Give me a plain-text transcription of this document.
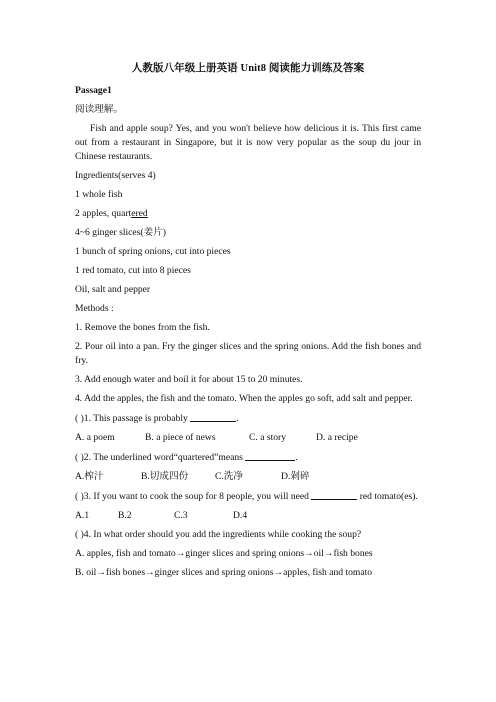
人教版八年级上册英语 Unit8 阅读能力训练及答案
Passage1
阅读理解。
Fish and apple soup? Yes, and you won't believe how delicious it is. This first came out from a restaurant in Singapore, but it is now very popular as the soup du jour in Chinese restaurants.
Ingredients(serves 4)
1 whole fish
2 apples, quartered
4~6 ginger slices(姜片)
1 bunch of spring onions, cut into pieces
1 red tomato, cut into 8 pieces
Oil, salt and pepper
Methods :
1. Remove the bones from the fish.
2. Pour oil into a pan. Fry the ginger slices and the spring onions. Add the fish bones and fry.
3. Add enough water and boil it for about 15 to 20 minutes.
4. Add the apples, the fish and the tomato. When the apples go soft, add salt and pepper.
( )1. This passage is probably	.
A. a poem	B. a piece of news	C. a story	D. a recipe
( )2. The underlined word“quartered”means	.
A.榨汁	B.切成四份	C.洗净	D.剁碎
( )3. If you want to cook the soup for 8 people, you will need	red tomato(es).
A.1	B.2	C.3	D.4
( )4. In what order should you add the ingredients while cooking the soup?
A. apples, fish and tomato→ginger slices and spring onions→oil→fish bones
B. oil→fish bones→ginger slices and spring onions→apples, fish and tomato
